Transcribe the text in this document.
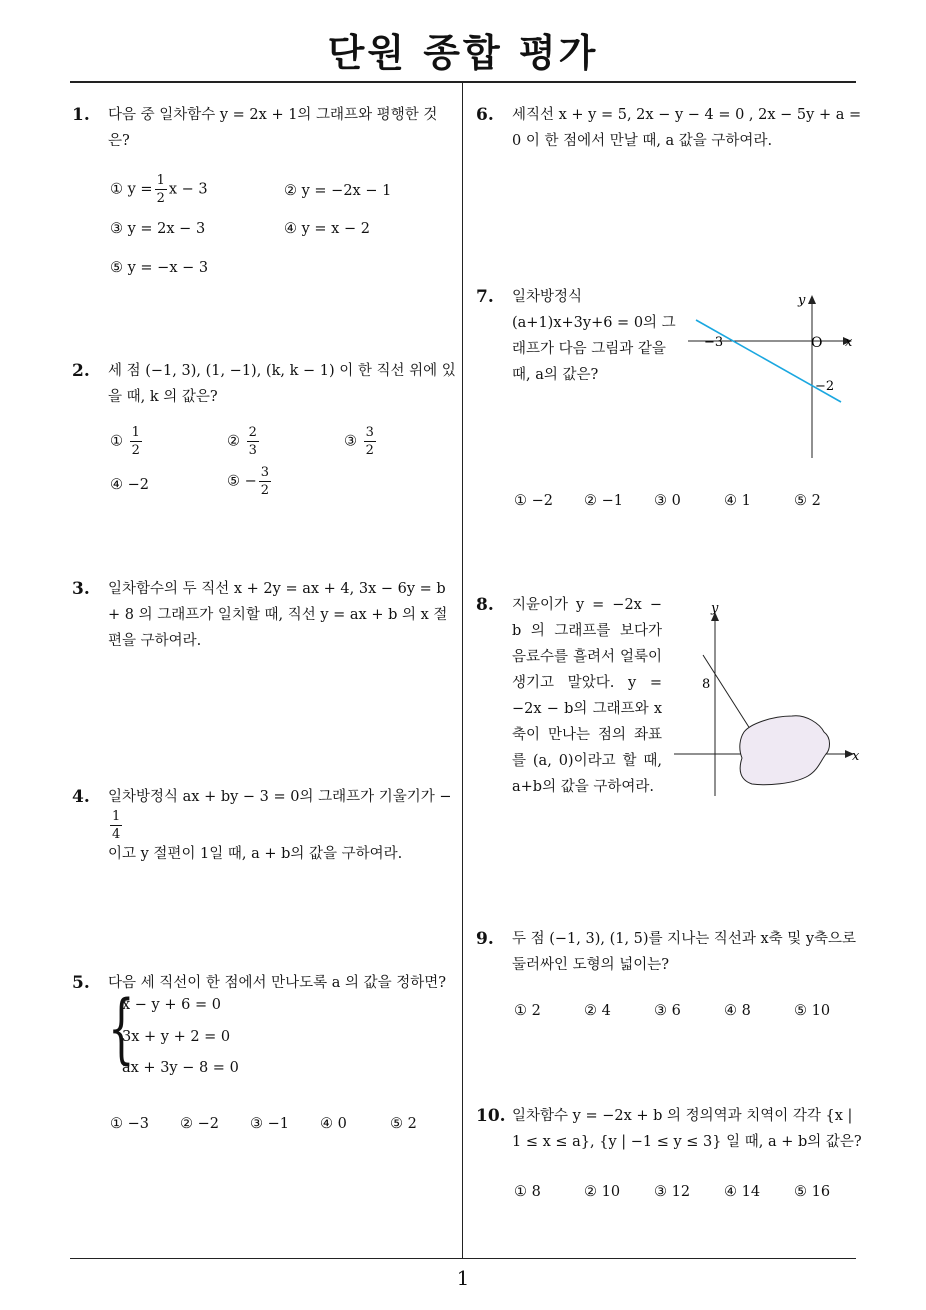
단원 종합 평가
1
1. 다음 중 일차함수 y = 2x + 1의 그래프와 평행한 것은?
① $y = \frac{1}{2}$ x − 3	② y = −2x − 1
③ y = 2x − 3	④ y = x − 2
⑤ y = −x − 3
2. 세 점 (−1, 3), (1, −1), (k, k − 1) 이 한 직선 위에 있을 때, k 의 값은?
① $\frac{1}{2}$	② $\frac{2}{3}$	③ $\frac{3}{2}$
④ −2	⑤ − $\frac{3}{2}$
3. 일차함수의 두 직선 x + 2y = ax + 4, 3x − 6y = b + 8 의 그래프가 일치할 때, 직선 y = ax + b 의 x 절편을 구하여라.
4. 일차방정식 ax + by − 3 = 0의 그래프가 기울기가 −
$\frac{1}{4}$

이고 y 절편이 1일 때, a + b의 값을 구하여라.
5. 다음 세 직선이 한 점에서 만나도록 a 의 값을 정하면?
{
x − y + 6 = 0
3x + y + 2 = 0
ax + 3y − 8 = 0
① −3 ② −2 ③ −1 ④ 0	⑤ 2
6. 세직선 x + y = 5, 2x − y − 4 = 0 , 2x − 5y + a = 0 이 한 점에서 만날 때, a 값을 구하여라.
7. 일차방정식 (a+1)x+3y+6 = 0의 그래프가 다음 그림과 같을 때, a의 값은?
y
x
O
−3
−2
① −2 ② −1 ③ 0	④ 1	⑤ 2
8. 지윤이가 y = −2x − b 의 그래프를 보다가 음료수를 흘려서 얼룩이 생기고 말았다. y = −2x − b의 그래프와 x 축이 만나는 점의 좌표를 (a, 0)이라고 할 때, a+b의 값을 구하여라.
y
x
8
9. 두 점 (−1, 3), (1, 5)를 지나는 직선과 x축 및 y축으로 둘러싸인 도형의 넓이는?
① 2	② 4	③ 6	④ 8	⑤ 10
10. 일차함수 y = −2x + b 의 정의역과 치역이 각각 {x | 1 ≤ x ≤ a}, {y | −1 ≤ y ≤ 3} 일 때, a + b의 값은?
① 8	② 10 ③ 12 ④ 14 ⑤ 16
